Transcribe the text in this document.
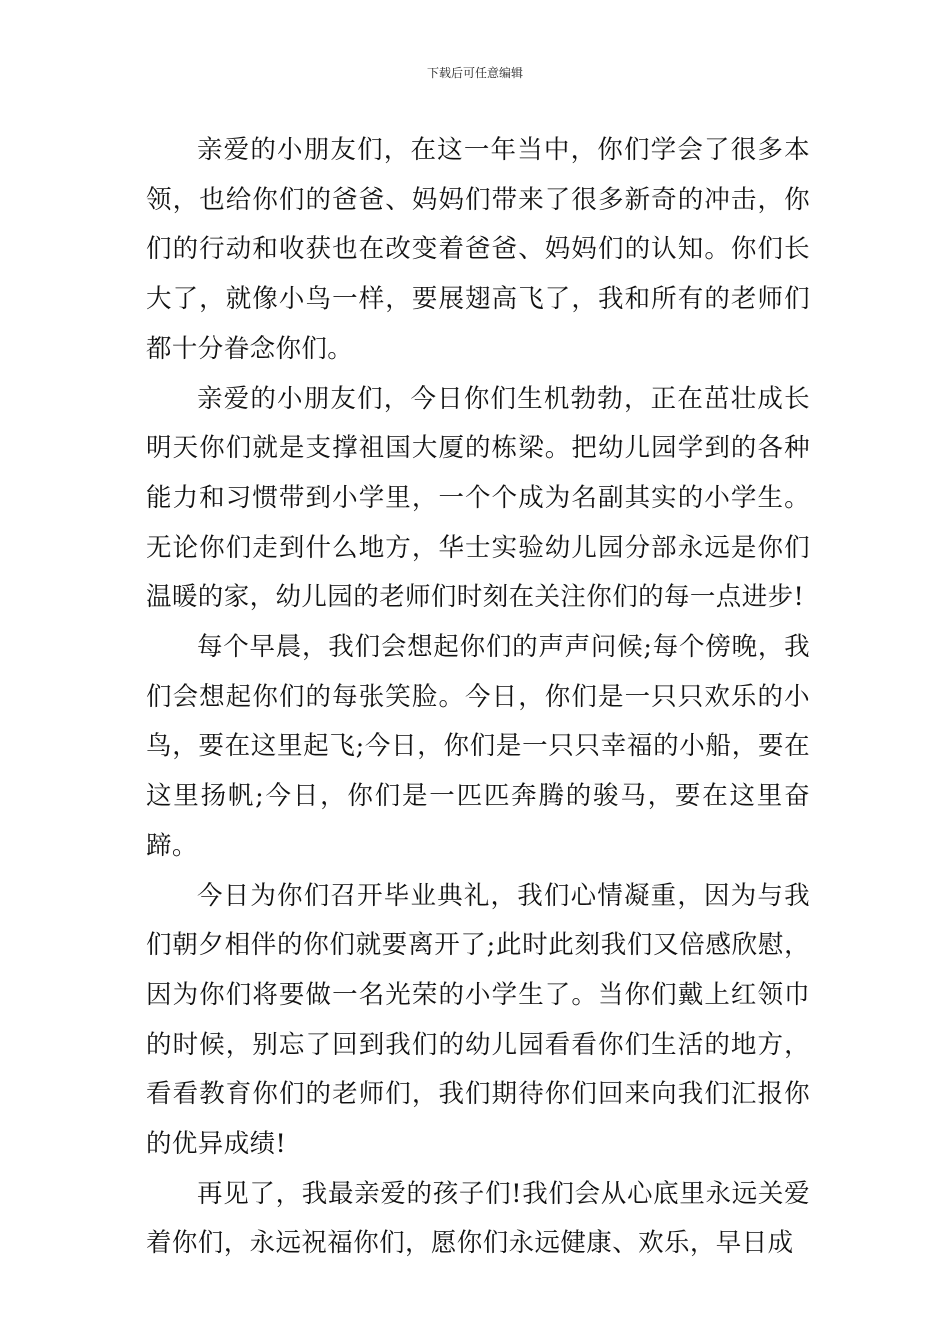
下载后可任意编辑

亲爱的小朋友们，在这一年当中，你们学会了很多本领，也给你们的爸爸、妈妈们带来了很多新奇的冲击，你们的行动和收获也在改变着爸爸、妈妈们的认知。你们长大了，就像小鸟一样，要展翅高飞了，我和所有的老师们都十分眷念你们。

亲爱的小朋友们，今日你们生机勃勃，正在茁壮成长明天你们就是支撑祖国大厦的栋梁。把幼儿园学到的各种能力和习惯带到小学里，一个个成为名副其实的小学生。无论你们走到什么地方，华士实验幼儿园分部永远是你们温暖的家，幼儿园的老师们时刻在关注你们的每一点进步!

每个早晨，我们会想起你们的声声问候;每个傍晚，我们会想起你们的每张笑脸。今日，你们是一只只欢乐的小鸟，要在这里起飞;今日，你们是一只只幸福的小船，要在这里扬帆;今日，你们是一匹匹奔腾的骏马，要在这里奋蹄。

今日为你们召开毕业典礼，我们心情凝重，因为与我们朝夕相伴的你们就要离开了;此时此刻我们又倍感欣慰，因为你们将要做一名光荣的小学生了。当你们戴上红领巾的时候，别忘了回到我们的幼儿园看看你们生活的地方，看看教育你们的老师们，我们期待你们回来向我们汇报你的优异成绩!

再见了，我最亲爱的孩子们!我们会从心底里永远关爱着你们，永远祝福你们，愿你们永远健康、欢乐，早日成
